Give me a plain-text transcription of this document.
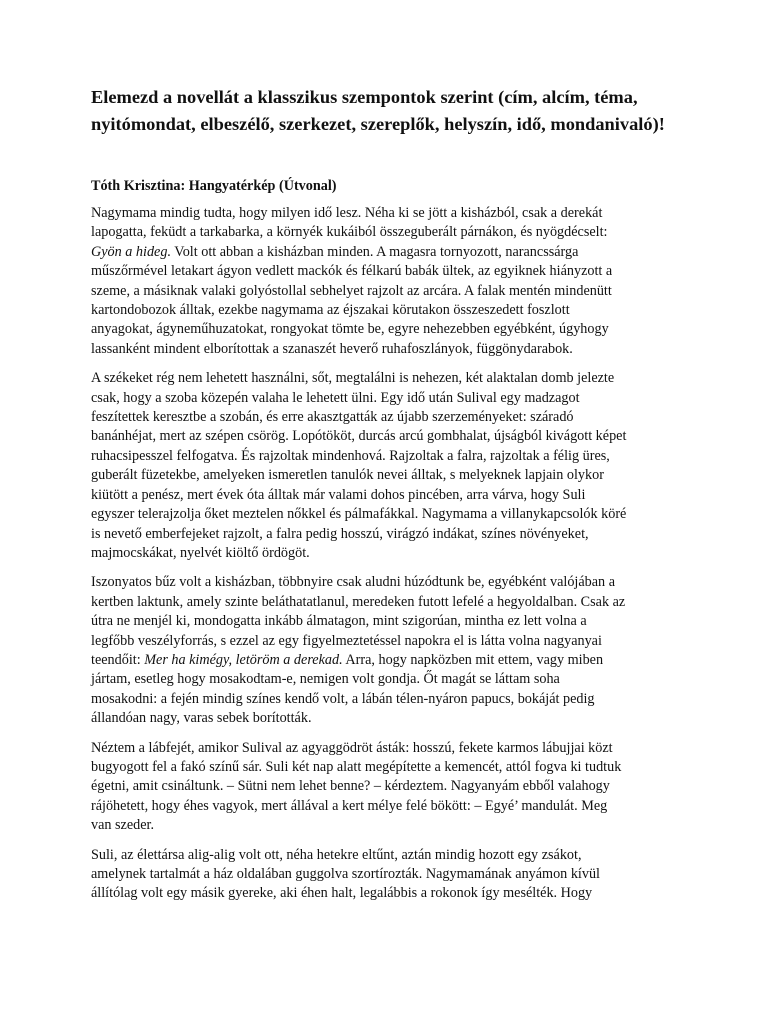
Elemezd a novellát a klasszikus szempontok szerint (cím, alcím, téma,
nyitómondat, elbeszélő, szerkezet, szereplők, helyszín, idő, mondanivaló)!
Tóth Krisztina: Hangyatérkép (Útvonal)
Nagymama mindig tudta, hogy milyen idő lesz. Néha ki se jött a kisházból, csak a derekát
lapogatta, feküdt a tarkabarka, a környék kukáiból összeguberált párnákon, és nyögdécselt:
Gyön a hideg. Volt ott abban a kisházban minden. A magasra tornyozott, narancssárga
műszőrmével letakart ágyon vedlett mackók és félkarú babák ültek, az egyiknek hiányzott a
szeme, a másiknak valaki golyóstollal sebhelyet rajzolt az arcára. A falak mentén mindenütt
kartondobozok álltak, ezekbe nagymama az éjszakai körutakon összeszedett foszlott
anyagokat, ágyneműhuzatokat, rongyokat tömte be, egyre nehezebben egyébként, úgyhogy
lassanként mindent elborítottak a szanaszét heverő ruhafoszlányok, függönydarabok.
A székeket rég nem lehetett használni, sőt, megtalálni is nehezen, két alaktalan domb jelezte
csak, hogy a szoba közepén valaha le lehetett ülni. Egy idő után Sulival egy madzagot
feszítettek keresztbe a szobán, és erre akasztgatták az újabb szerzeményeket: száradó
banánhéjat, mert az szépen csörög. Lopótököt, durcás arcú gombhalat, újságból kivágott képet
ruhacsipesszel felfogatva. És rajzoltak mindenhová. Rajzoltak a falra, rajzoltak a félig üres,
guberált füzetekbe, amelyeken ismeretlen tanulók nevei álltak, s melyeknek lapjain olykor
kiütött a penész, mert évek óta álltak már valami dohos pincében, arra várva, hogy Suli
egyszer telerajzolja őket meztelen nőkkel és pálmafákkal. Nagymama a villanykapcsolók köré
is nevető emberfejeket rajzolt, a falra pedig hosszú, virágzó indákat, színes növényeket,
majmocskákat, nyelvét kiöltő ördögöt.
Iszonyatos bűz volt a kisházban, többnyire csak aludni húzódtunk be, egyébként valójában a
kertben laktunk, amely szinte beláthatatlanul, meredeken futott lefelé a hegyoldalban. Csak az
útra ne menjél ki, mondogatta inkább álmatagon, mint szigorúan, mintha ez lett volna a
legfőbb veszélyforrás, s ezzel az egy figyelmeztetéssel napokra el is látta volna nagyanyai
teendőit: Mer ha kimégy, letöröm a derekad. Arra, hogy napközben mit ettem, vagy miben
jártam, esetleg hogy mosakodtam-e, nemigen volt gondja. Őt magát se láttam soha
mosakodni: a fején mindig színes kendő volt, a lábán télen-nyáron papucs, bokáját pedig
állandóan nagy, varas sebek borították.
Néztem a lábfejét, amikor Sulival az agyaggödröt ásták: hosszú, fekete karmos lábujjai közt
bugyogott fel a fakó színű sár. Suli két nap alatt megépítette a kemencét, attól fogva ki tudtuk
égetni, amit csináltunk. – Sütni nem lehet benne? – kérdeztem. Nagyanyám ebből valahogy
rájöhetett, hogy éhes vagyok, mert állával a kert mélye felé bökött: – Egyé’ mandulát. Meg
van szeder.
Suli, az élettársa alig-alig volt ott, néha hetekre eltűnt, aztán mindig hozott egy zsákot,
amelynek tartalmát a ház oldalában guggolva szortírozták. Nagymamának anyámon kívül
állítólag volt egy másik gyereke, aki éhen halt, legalábbis a rokonok így mesélték. Hogy
